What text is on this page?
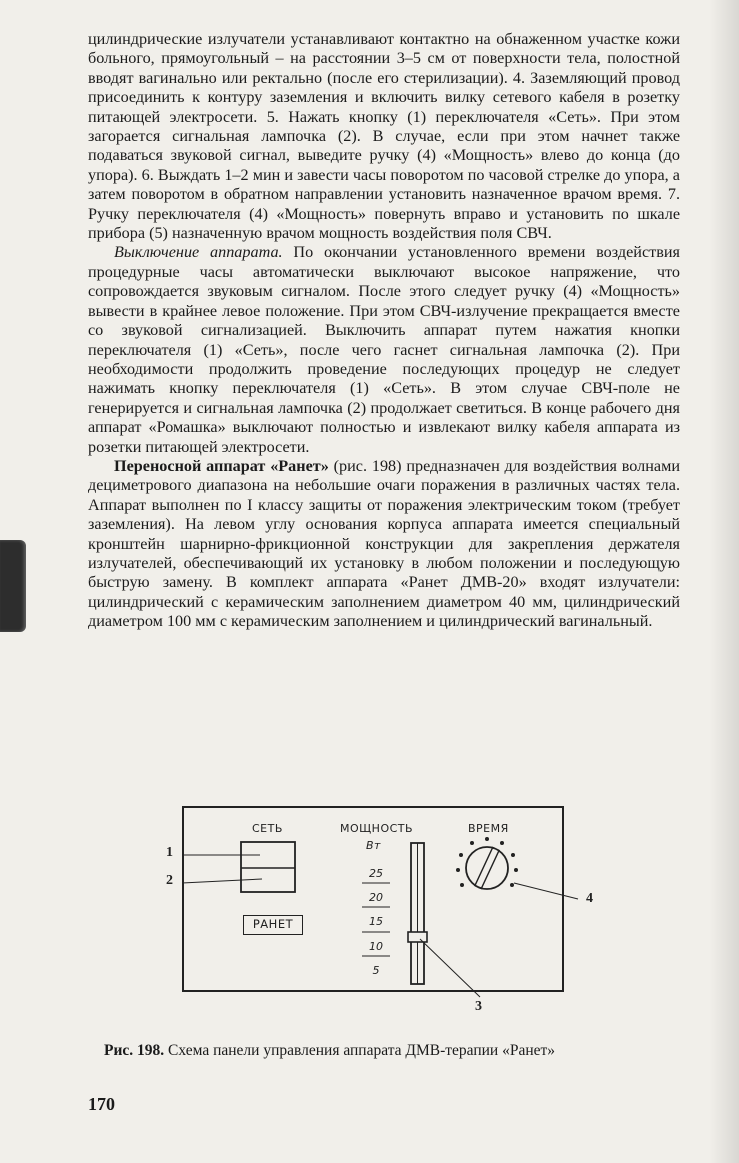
цилиндрические излучатели устанавливают контактно на обнаженном участке кожи больного, прямоугольный – на расстоянии 3–5 см от поверхности тела, полостной вводят вагинально или ректально (после его стерилизации). 4. Заземляющий провод присоединить к контуру заземления и включить вилку сетевого кабеля в розетку питающей электросети. 5. Нажать кнопку (1) переключателя «Сеть». При этом загорается сигнальная лампочка (2). В случае, если при этом начнет также подаваться звуковой сигнал, выведите ручку (4) «Мощность» влево до конца (до упора). 6. Выждать 1–2 мин и завести часы поворотом по часовой стрелке до упора, а затем поворотом в обратном направлении установить назначенное врачом время. 7. Ручку переключателя (4) «Мощность» повернуть вправо и установить по шкале прибора (5) назначенную врачом мощность воздействия поля СВЧ.

Выключение аппарата. По окончании установленного времени воздействия процедурные часы автоматически выключают высокое напряжение, что сопровождается звуковым сигналом. После этого следует ручку (4) «Мощность» вывести в крайнее левое положение. При этом СВЧ-излучение прекращается вместе со звуковой сигнализацией. Выключить аппарат путем нажатия кнопки переключателя (1) «Сеть», после чего гаснет сигнальная лампочка (2). При необходимости продолжить проведение последующих процедур не следует нажимать кнопку переключателя (1) «Сеть». В этом случае СВЧ-поле не генерируется и сигнальная лампочка (2) продолжает светиться. В конце рабочего дня аппарат «Ромашка» выключают полностью и извлекают вилку кабеля аппарата из розетки питающей электросети.

Переносной аппарат «Ранет» (рис. 198) предназначен для воздействия волнами дециметрового диапазона на небольшие очаги поражения в различных частях тела. Аппарат выполнен по I классу защиты от поражения электрическим током (требует заземления). На левом углу основания корпуса аппарата имеется специальный кронштейн шарнирно-фрикционной конструкции для закрепления держателя излучателей, обеспечивающий их установку в любом положении и последующую быструю замену. В комплект аппарата «Ранет ДМВ-20» входят излучатели: цилиндрический с керамическим заполнением диаметром 40 мм, цилиндрический диаметром 100 мм с керамическим заполнением и цилиндрический вагинальный.

СЕТЬ	МОЩНОСТЬ
Вт
ВРЕМЯ
РАНЕТ
25
20
15
10
5
1
2
3
4
Рис. 198. Схема панели управления аппарата ДМВ-терапии «Ранет»
170
